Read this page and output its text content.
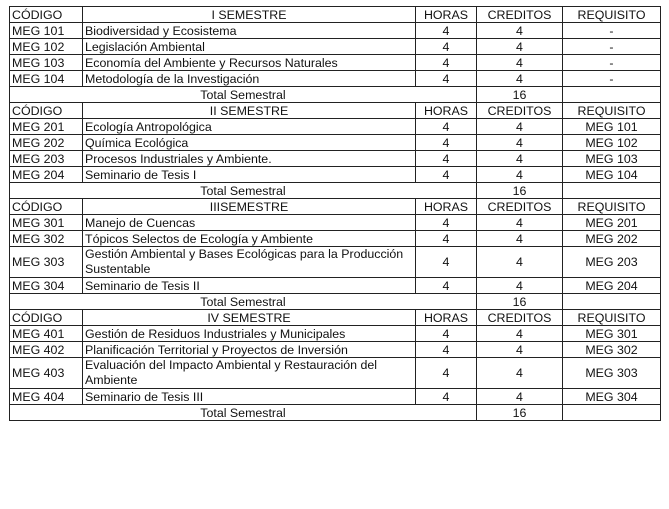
CÓDIGO	I SEMESTRE	HORAS	CREDITOS	REQUISITO
MEG 101	Biodiversidad y Ecosistema	4	4	-
MEG 102	Legislación Ambiental	4	4	-
MEG 103	Economía del Ambiente y Recursos Naturales	4	4	-
MEG 104	Metodología de la Investigación	4	4	-
Total Semestral			16	
CÓDIGO	II SEMESTRE	HORAS	CREDITOS	REQUISITO
MEG 201	Ecología Antropológica	4	4	MEG 101
MEG 202	Química Ecológica	4	4	MEG 102
MEG 203	Procesos Industriales y Ambiente.	4	4	MEG 103
MEG 204	Seminario de Tesis I	4	4	MEG 104
Total Semestral			16	
CÓDIGO	IIISEMESTRE	HORAS	CREDITOS	REQUISITO
MEG 301	Manejo de Cuencas	4	4	MEG 201
MEG 302	Tópicos Selectos de Ecología y Ambiente	4	4	MEG 202
MEG 303	Gestión Ambiental y Bases Ecológicas para la Producción Sustentable	4	4	MEG 203
MEG 304	Seminario de Tesis II	4	4	MEG 204
Total Semestral			16	
CÓDIGO	IV SEMESTRE	HORAS	CREDITOS	REQUISITO
MEG 401	Gestión de Residuos Industriales y Municipales	4	4	MEG 301
MEG 402	Planificación Territorial y Proyectos de Inversión	4	4	MEG 302
MEG 403	Evaluación del Impacto Ambiental y Restauración del Ambiente	4	4	MEG 303
MEG 404	Seminario de Tesis III	4	4	MEG 304
Total Semestral			16	
